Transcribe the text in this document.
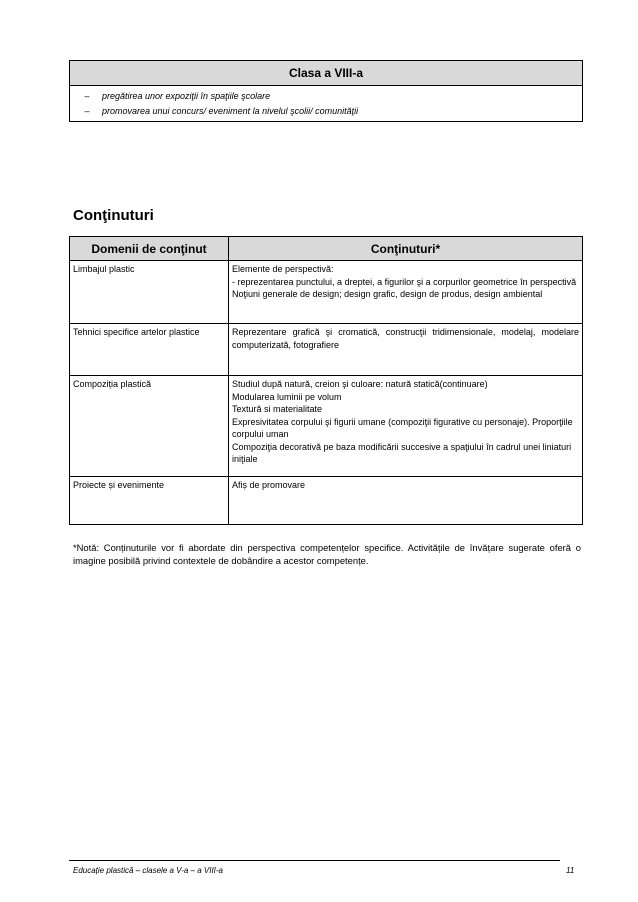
Clasa a VIII-a

–	pregătirea unor expoziţii în spaţiile şcolare
–	promovarea unui concurs/ eveniment la nivelul şcolii/ comunităţii
Conţinuturi
Domenii de conţinut	Conţinuturi*
Limbajul plastic	Elemente de perspectivă:
- reprezentarea punctului, a dreptei, a figurilor şi a corpurilor geometrice în perspectivă
Noţiuni generale de design; design grafic, design de produs, design ambiental

Tehnici specifice artelor plastice	Reprezentare grafică şi cromatică, construcţii tridimensionale, modelaj, modelare computerizată, fotografiere

Compoziția plastică	Studiul după natură, creion şi culoare: natură statică(continuare)
Modularea luminii pe volum
Textură si materialitate
Expresivitatea corpului şi figurii umane (compoziţii figurative cu personaje). Proporţiile corpului uman
Compoziţia decorativă pe baza modificării succesive a spaţiului în cadrul unei liniaturi iniţiale

Proiecte și evenimente	Afiș de promovare
*Notă: Conținuturile vor fi abordate din perspectiva competențelor specifice. Activitățile de învățare sugerate oferă o imagine posibilă privind contextele de dobândire a acestor competențe.
Educație plastică – clasele a V-a – a VIII-a	11
